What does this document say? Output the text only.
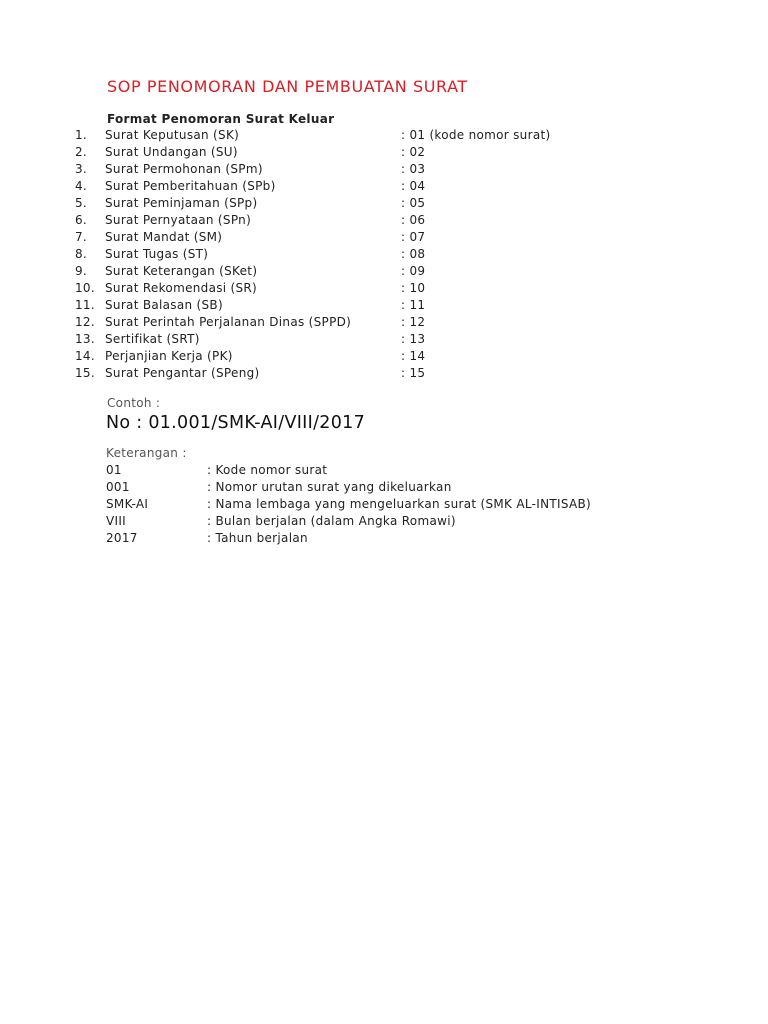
SOP PENOMORAN DAN PEMBUATAN SURAT
Format Penomoran Surat Keluar
1. Surat Keputusan (SK)	: 01 (kode nomor surat)
2. Surat Undangan (SU)	: 02
3. Surat Permohonan (SPm)	: 03
4. Surat Pemberitahuan (SPb)	: 04
5. Surat Peminjaman (SPp)	: 05
6. Surat Pernyataan (SPn)	: 06
7. Surat Mandat (SM)	: 07
8. Surat Tugas (ST)	: 08
9. Surat Keterangan (SKet)	: 09
10. Surat Rekomendasi (SR)	: 10
11. Surat Balasan (SB)	: 11
12. Surat Perintah Perjalanan Dinas (SPPD)	: 12
13. Sertifikat (SRT)	: 13
14. Perjanjian Kerja (PK)	: 14
15. Surat Pengantar (SPeng)	: 15
Contoh :
No : 01.001/SMK-AI/VIII/2017
Keterangan :
01	: Kode nomor surat
001	: Nomor urutan surat yang dikeluarkan
SMK-AI	: Nama lembaga yang mengeluarkan surat (SMK AL-INTISAB)
VIII	: Bulan berjalan (dalam Angka Romawi)
2017	: Tahun berjalan
